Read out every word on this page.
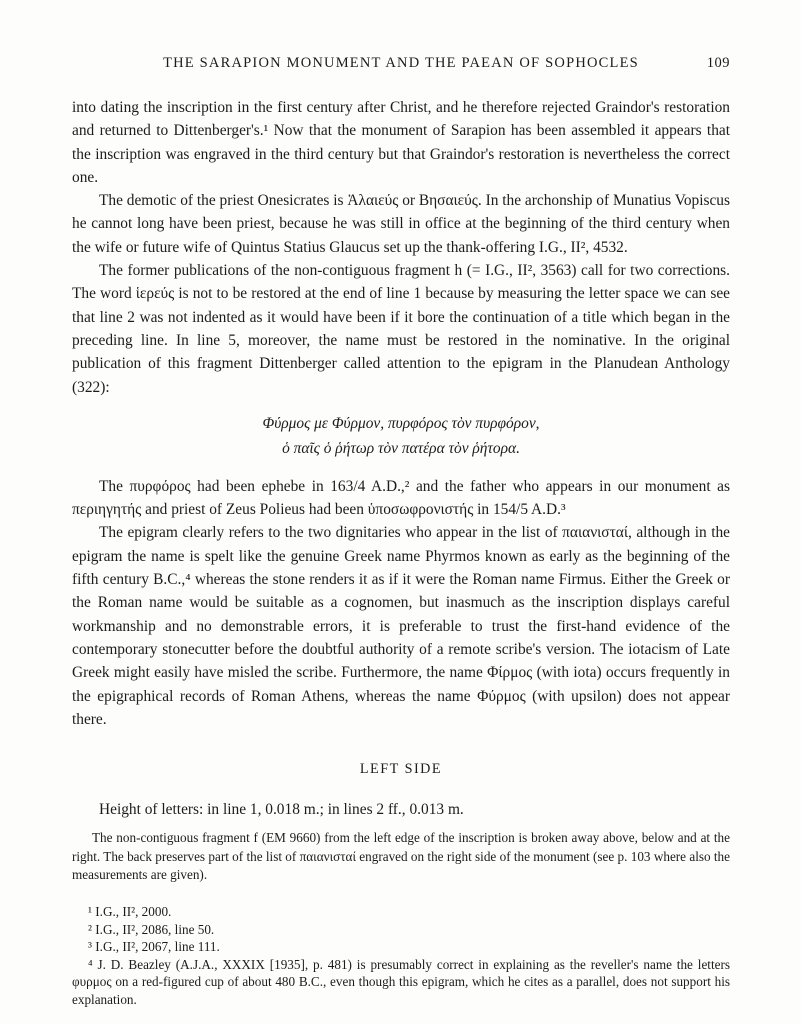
THE SARAPION MONUMENT AND THE PAEAN OF SOPHOCLES	109

into dating the inscription in the first century after Christ, and he therefore rejected Graindor's restoration and returned to Dittenberger's.¹ Now that the monument of Sarapion has been assembled it appears that the inscription was engraved in the third century but that Graindor's restoration is nevertheless the correct one.

The demotic of the priest Onesicrates is Ἁλαιεύς or Βησαιεύς. In the archonship of Munatius Vopiscus he cannot long have been priest, because he was still in office at the beginning of the third century when the wife or future wife of Quintus Statius Glaucus set up the thank-offering I.G., II², 4532.

The former publications of the non-contiguous fragment h (= I.G., II², 3563) call for two corrections. The word ἱερεύς is not to be restored at the end of line 1 because by measuring the letter space we can see that line 2 was not indented as it would have been if it bore the continuation of a title which began in the preceding line. In line 5, moreover, the name must be restored in the nominative. In the original publication of this fragment Dittenberger called attention to the epigram in the Planudean Anthology (322):

Φύρμος με Φύρμον, πυρφόρος τὸν πυρφόρον,
ὁ παῖς ὁ ῥήτωρ τὸν πατέρα τὸν ῥήτορα.

The πυρφόρος had been ephebe in 163/4 A.D.,² and the father who appears in our monument as περιηγητής and priest of Zeus Polieus had been ὑποσωφρονιστής in 154/5 A.D.³

The epigram clearly refers to the two dignitaries who appear in the list of παιανισταί, although in the epigram the name is spelt like the genuine Greek name Phyrmos known as early as the beginning of the fifth century B.C.,⁴ whereas the stone renders it as if it were the Roman name Firmus. Either the Greek or the Roman name would be suitable as a cognomen, but inasmuch as the inscription displays careful workmanship and no demonstrable errors, it is preferable to trust the first-hand evidence of the contemporary stonecutter before the doubtful authority of a remote scribe's version. The iotacism of Late Greek might easily have misled the scribe. Furthermore, the name Φίρμος (with iota) occurs frequently in the epigraphical records of Roman Athens, whereas the name Φύρμος (with upsilon) does not appear there.

LEFT SIDE

Height of letters: in line 1, 0.018 m.; in lines 2 ff., 0.013 m.

The non-contiguous fragment f (EM 9660) from the left edge of the inscription is broken away above, below and at the right. The back preserves part of the list of παιανισταί engraved on the right side of the monument (see p. 103 where also the measurements are given).

¹ I.G., II², 2000.

² I.G., II², 2086, line 50.

³ I.G., II², 2067, line 111.

⁴ J. D. Beazley (A.J.A., XXXIX [1935], p. 481) is presumably correct in explaining as the reveller's name the letters φυρμος on a red-figured cup of about 480 B.C., even though this epigram, which he cites as a parallel, does not support his explanation.
